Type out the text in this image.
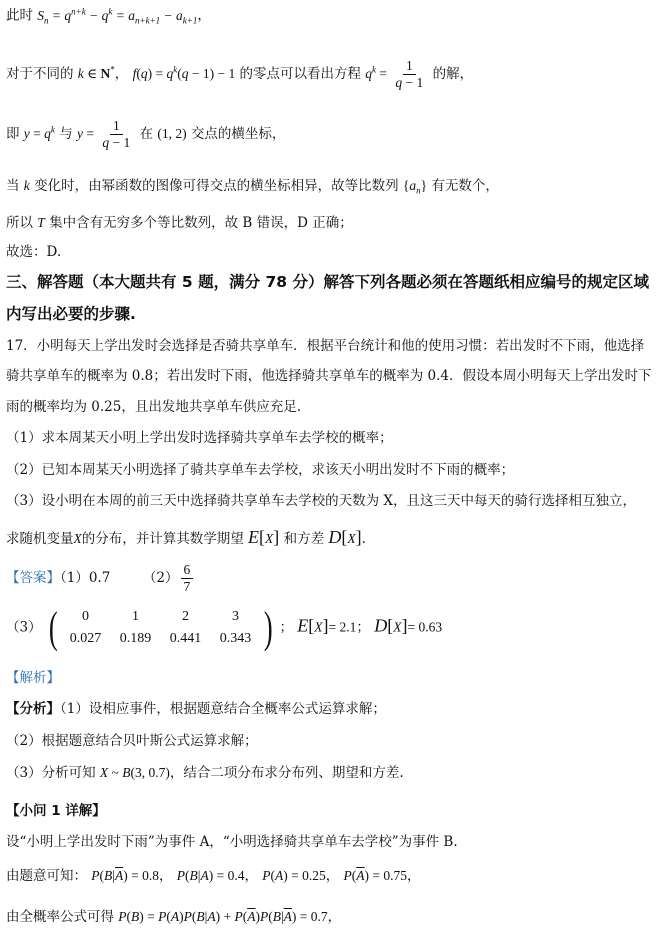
此时 $S_n = q^{n+k} - q^k = a_{n+k+1} - a_{k+1}$，
对于不同的 k ∈ N*， $f(q) = q^k(q - 1) - 1$ 的零点可以看出方程 $q^k = \frac{1}{q - 1}$ 的解，
即 $y = q^k$ 与 $y = \frac{1}{q - 1}$ 在 (1, 2) 交点的横坐标，
当 k 变化时，由幂函数的图像可得交点的横坐标相异，故等比数列 $\{a_n\}$ 有无数个，
所以 T 集中含有无穷多个等比数列，故 B 错误，D 正确；
故选：D.
三、解答题（本大题共有 5 题，满分 78 分）解答下列各题必须在答题纸相应编号的规定区域
内写出必要的步骤.
17．小明每天上学出发时会选择是否骑共享单车．根据平台统计和他的使用习惯：若出发时不下雨，他选择
骑共享单车的概率为 0.8；若出发时下雨，他选择骑共享单车的概率为 0.4．假设本周小明每天上学出发时下
雨的概率均为 0.25，且出发地共享单车供应充足．
（1）求本周某天小明上学出发时选择骑共享单车去学校的概率；
（2）已知本周某天小明选择了骑共享单车去学校，求该天小明出发时不下雨的概率；
（3）设小明在本周的前三天中选择骑共享单车去学校的天数为 X，且这三天中每天的骑行选择相互独立，
求随机变量X的分布，并计算其数学期望 E[X] 和方差 D[X].
【答案】（1）0.7 $(2) \frac{6}{7}$
（3） (	0	1	2	3
0.027	0.189	0.441	0.343 ) ； E[X]= 2.1； D[X]= 0.63
【解析】
【分析】（1）设相应事件，根据题意结合全概率公式运算求解；
（2）根据题意结合贝叶斯公式运算求解；
（3）分析可知 X ~ B(3, 0.7)，结合二项分布求分布列、期望和方差.
【小问 1 详解】
设“小明上学出发时下雨”为事件 A，“小明选择骑共享单车去学校”为事件 B.
由题意可知： $P(B|\overline{A}) = 0.8$， P(B|A) = 0.4， P(A) = 0.25， $P(\overline{A}) = 0.75$，
由全概率公式可得 $P(B) = P(A)P(B|A) + P(\overline{A})P(B|\overline{A}) = 0.7$，
